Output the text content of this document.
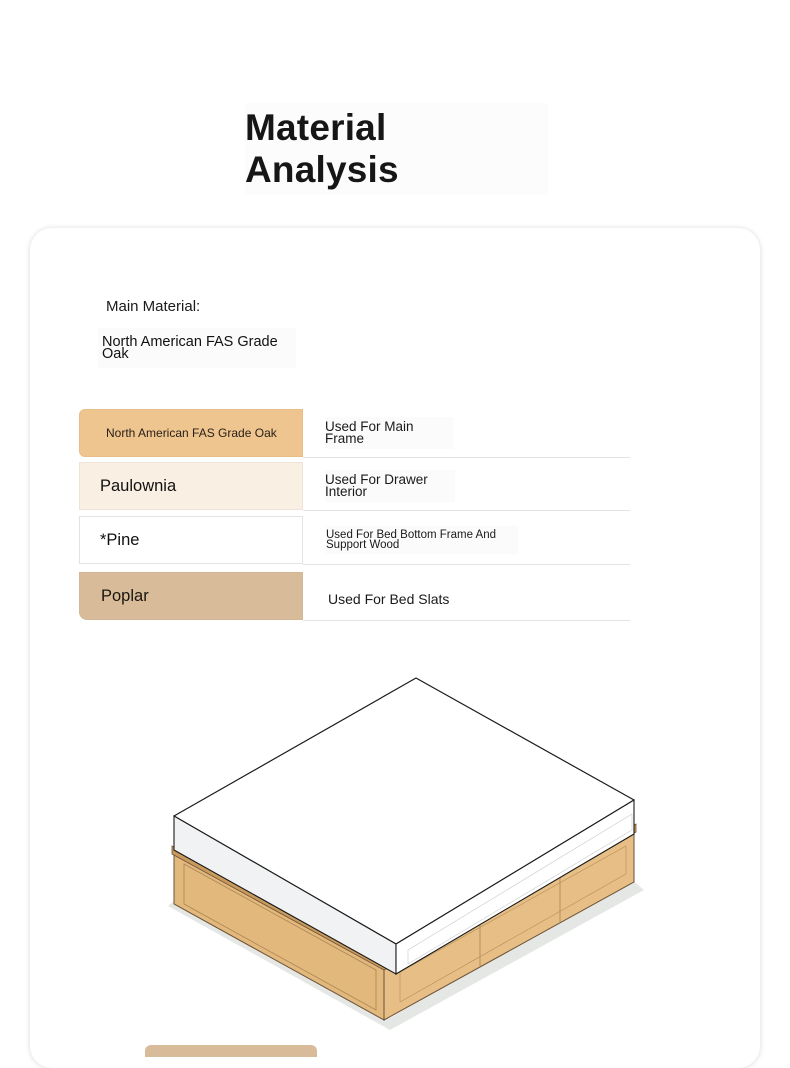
Material Analysis
Main Material:
North American FAS Grade Oak
North American FAS Grade Oak	Used For Main Frame
Paulownia	Used For Drawer Interior
*Pine	Used For Bed Bottom Frame And Support Wood
Poplar	Used For Bed Slats
